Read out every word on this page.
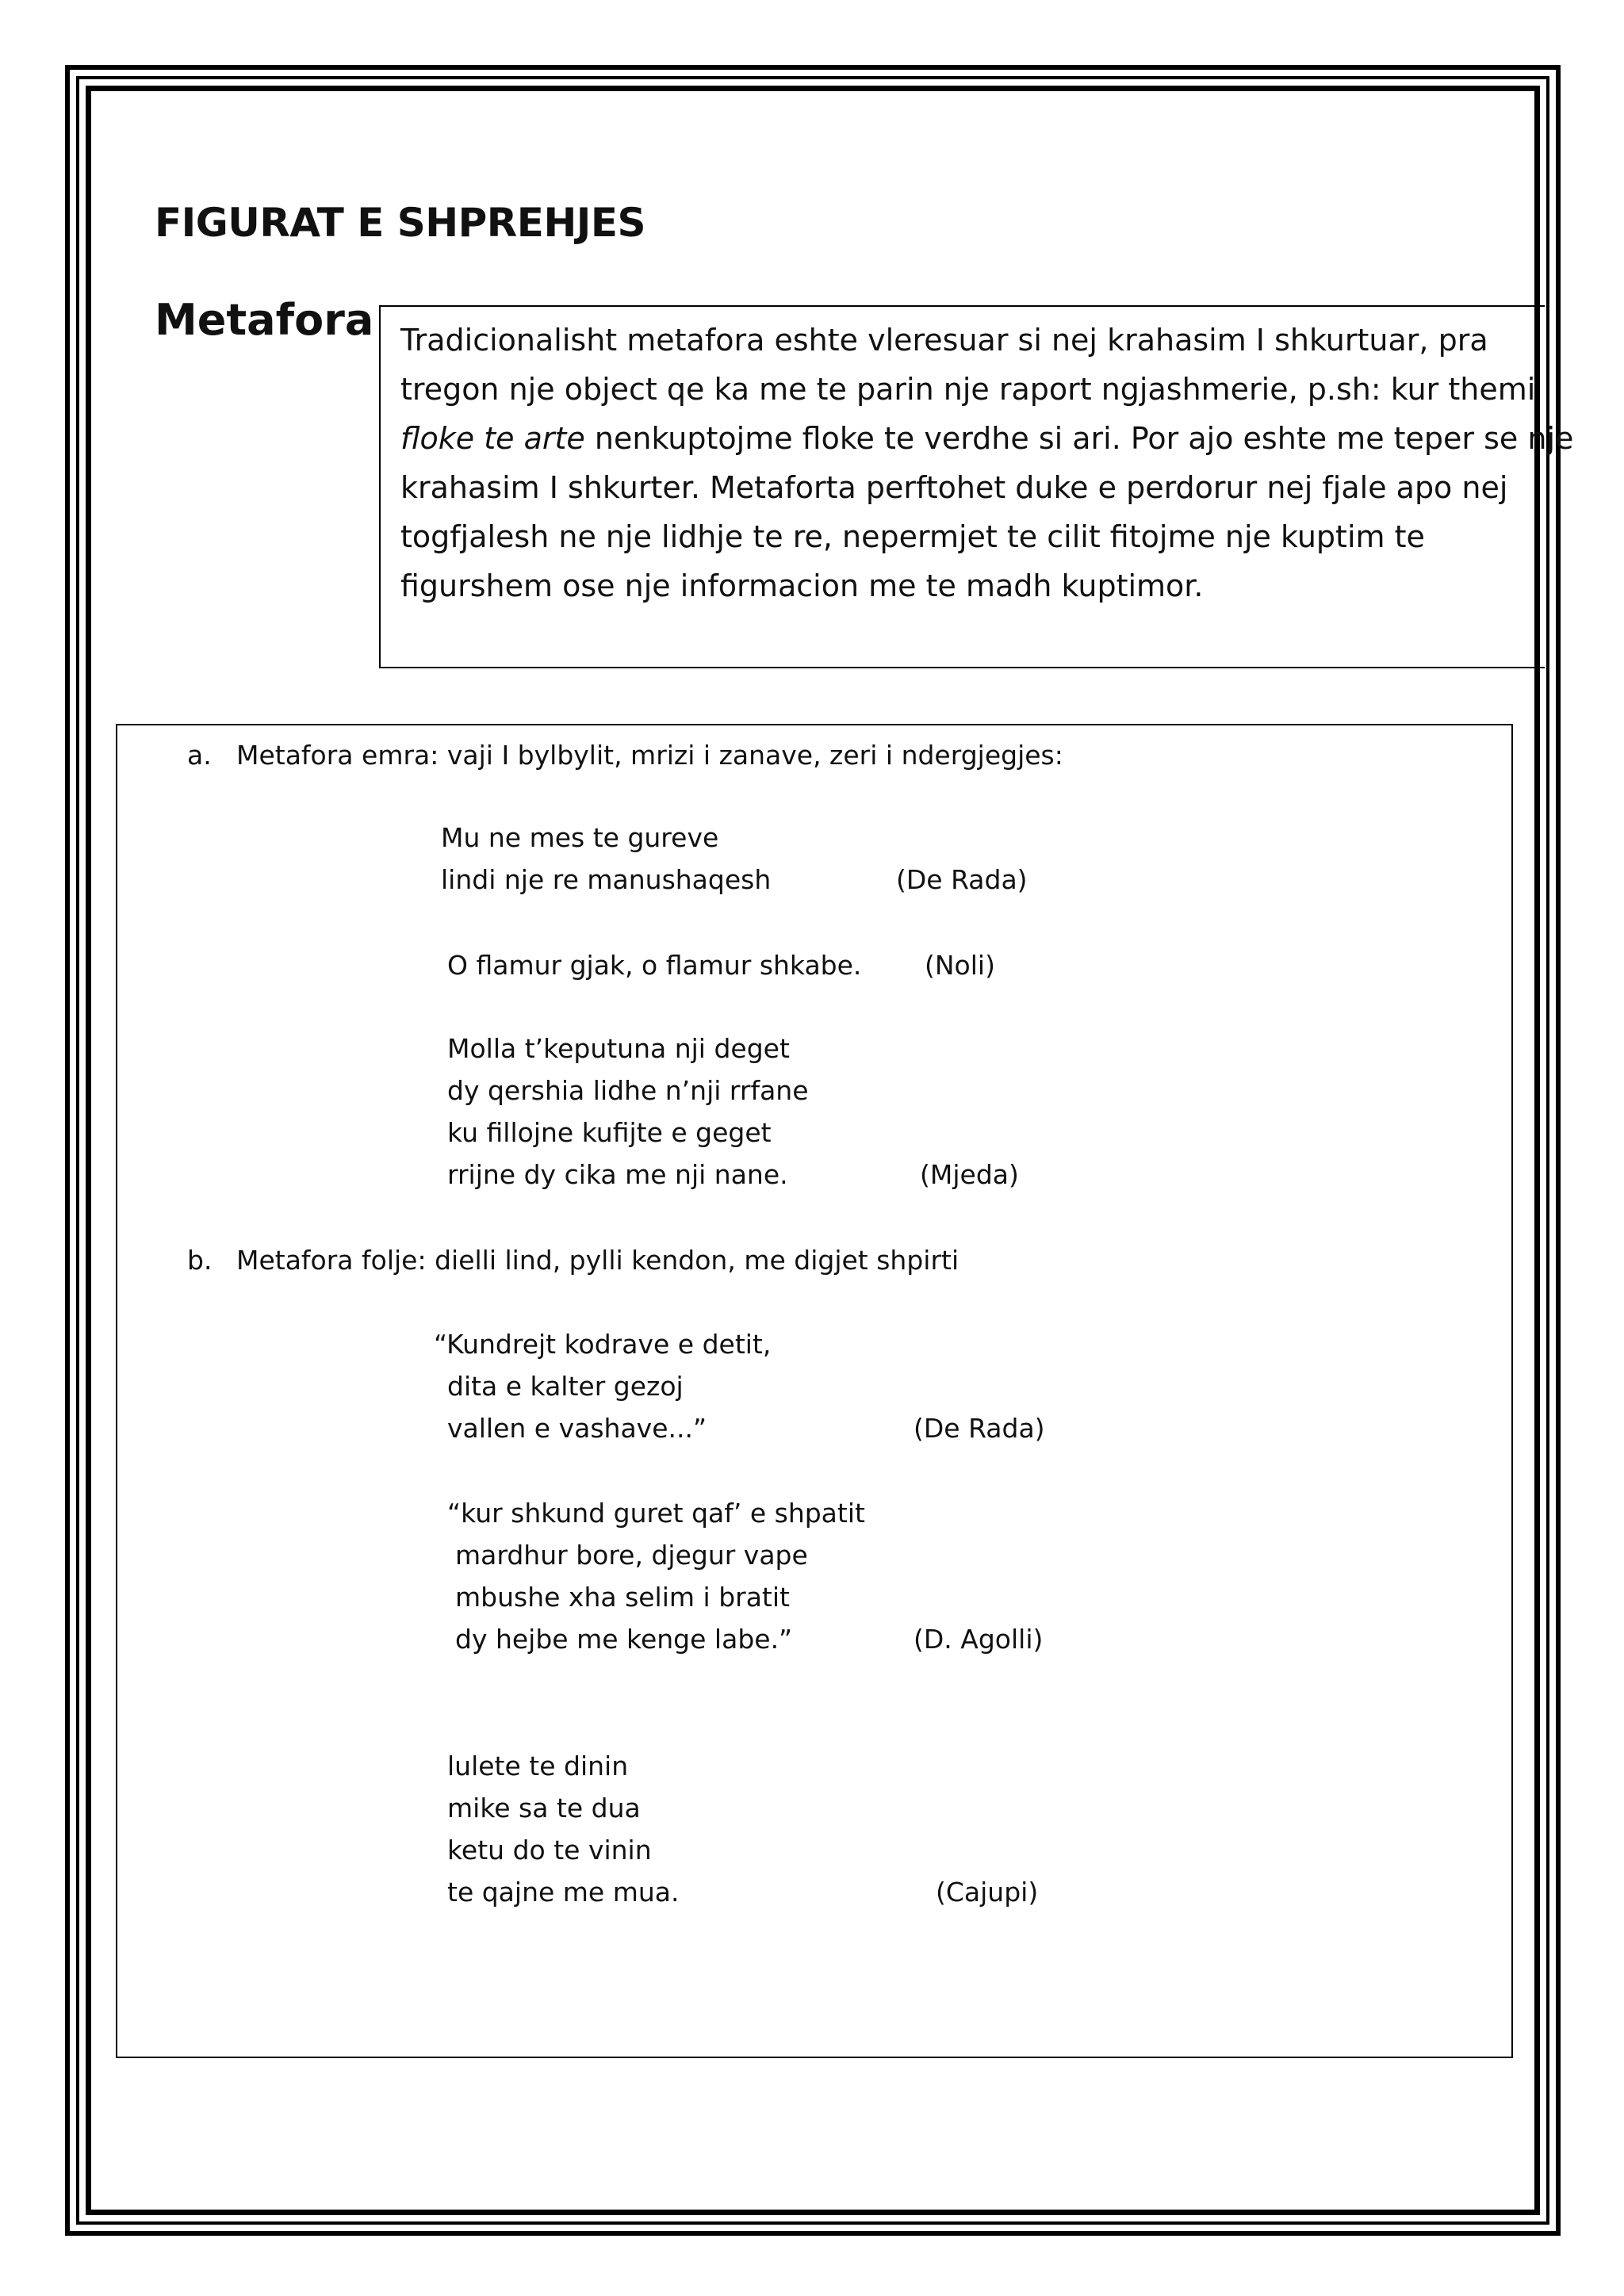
FIGURAT E SHPREHJES
Metafora Tradicionalisht metafora eshte vleresuar si nej krahasim I shkurtuar, pra
tregon nje object qe ka me te parin nje raport ngjashmerie, p.sh: kur themi
floke te arte nenkuptojme floke te verdhe si ari. Por ajo eshte me teper se nje
krahasim I shkurter. Metaforta perftohet duke e perdorur nej fjale apo nej
togfjalesh ne nje lidhje te re, nepermjet te cilit fitojme nje kuptim te
figurshem ose nje informacion me te madh kuptimor.

a. Metafora emra: vaji I bylbylit, mrizi i zanave, zeri i ndergjegjes:
Mu ne mes te gureve
lindi nje re manushaqesh	(De Rada)
O flamur gjak, o flamur shkabe. (Noli)
Molla t’keputuna nji deget
dy qershia lidhe n’nji rrfane
ku fillojne kufijte e geget
rrijne dy cika me nji nane.	(Mjeda)
b. Metafora folje: dielli lind, pylli kendon, me digjet shpirti
“Kundrejt kodrave e detit,
dita e kalter gezoj
vallen e vashave...”	(De Rada)
“kur shkund guret qaf’ e shpatit
mardhur bore, djegur vape
mbushe xha selim i bratit
dy hejbe me kenge labe.”	(D. Agolli)
lulete te dinin
mike sa te dua
ketu do te vinin
te qajne me mua.	(Cajupi)
